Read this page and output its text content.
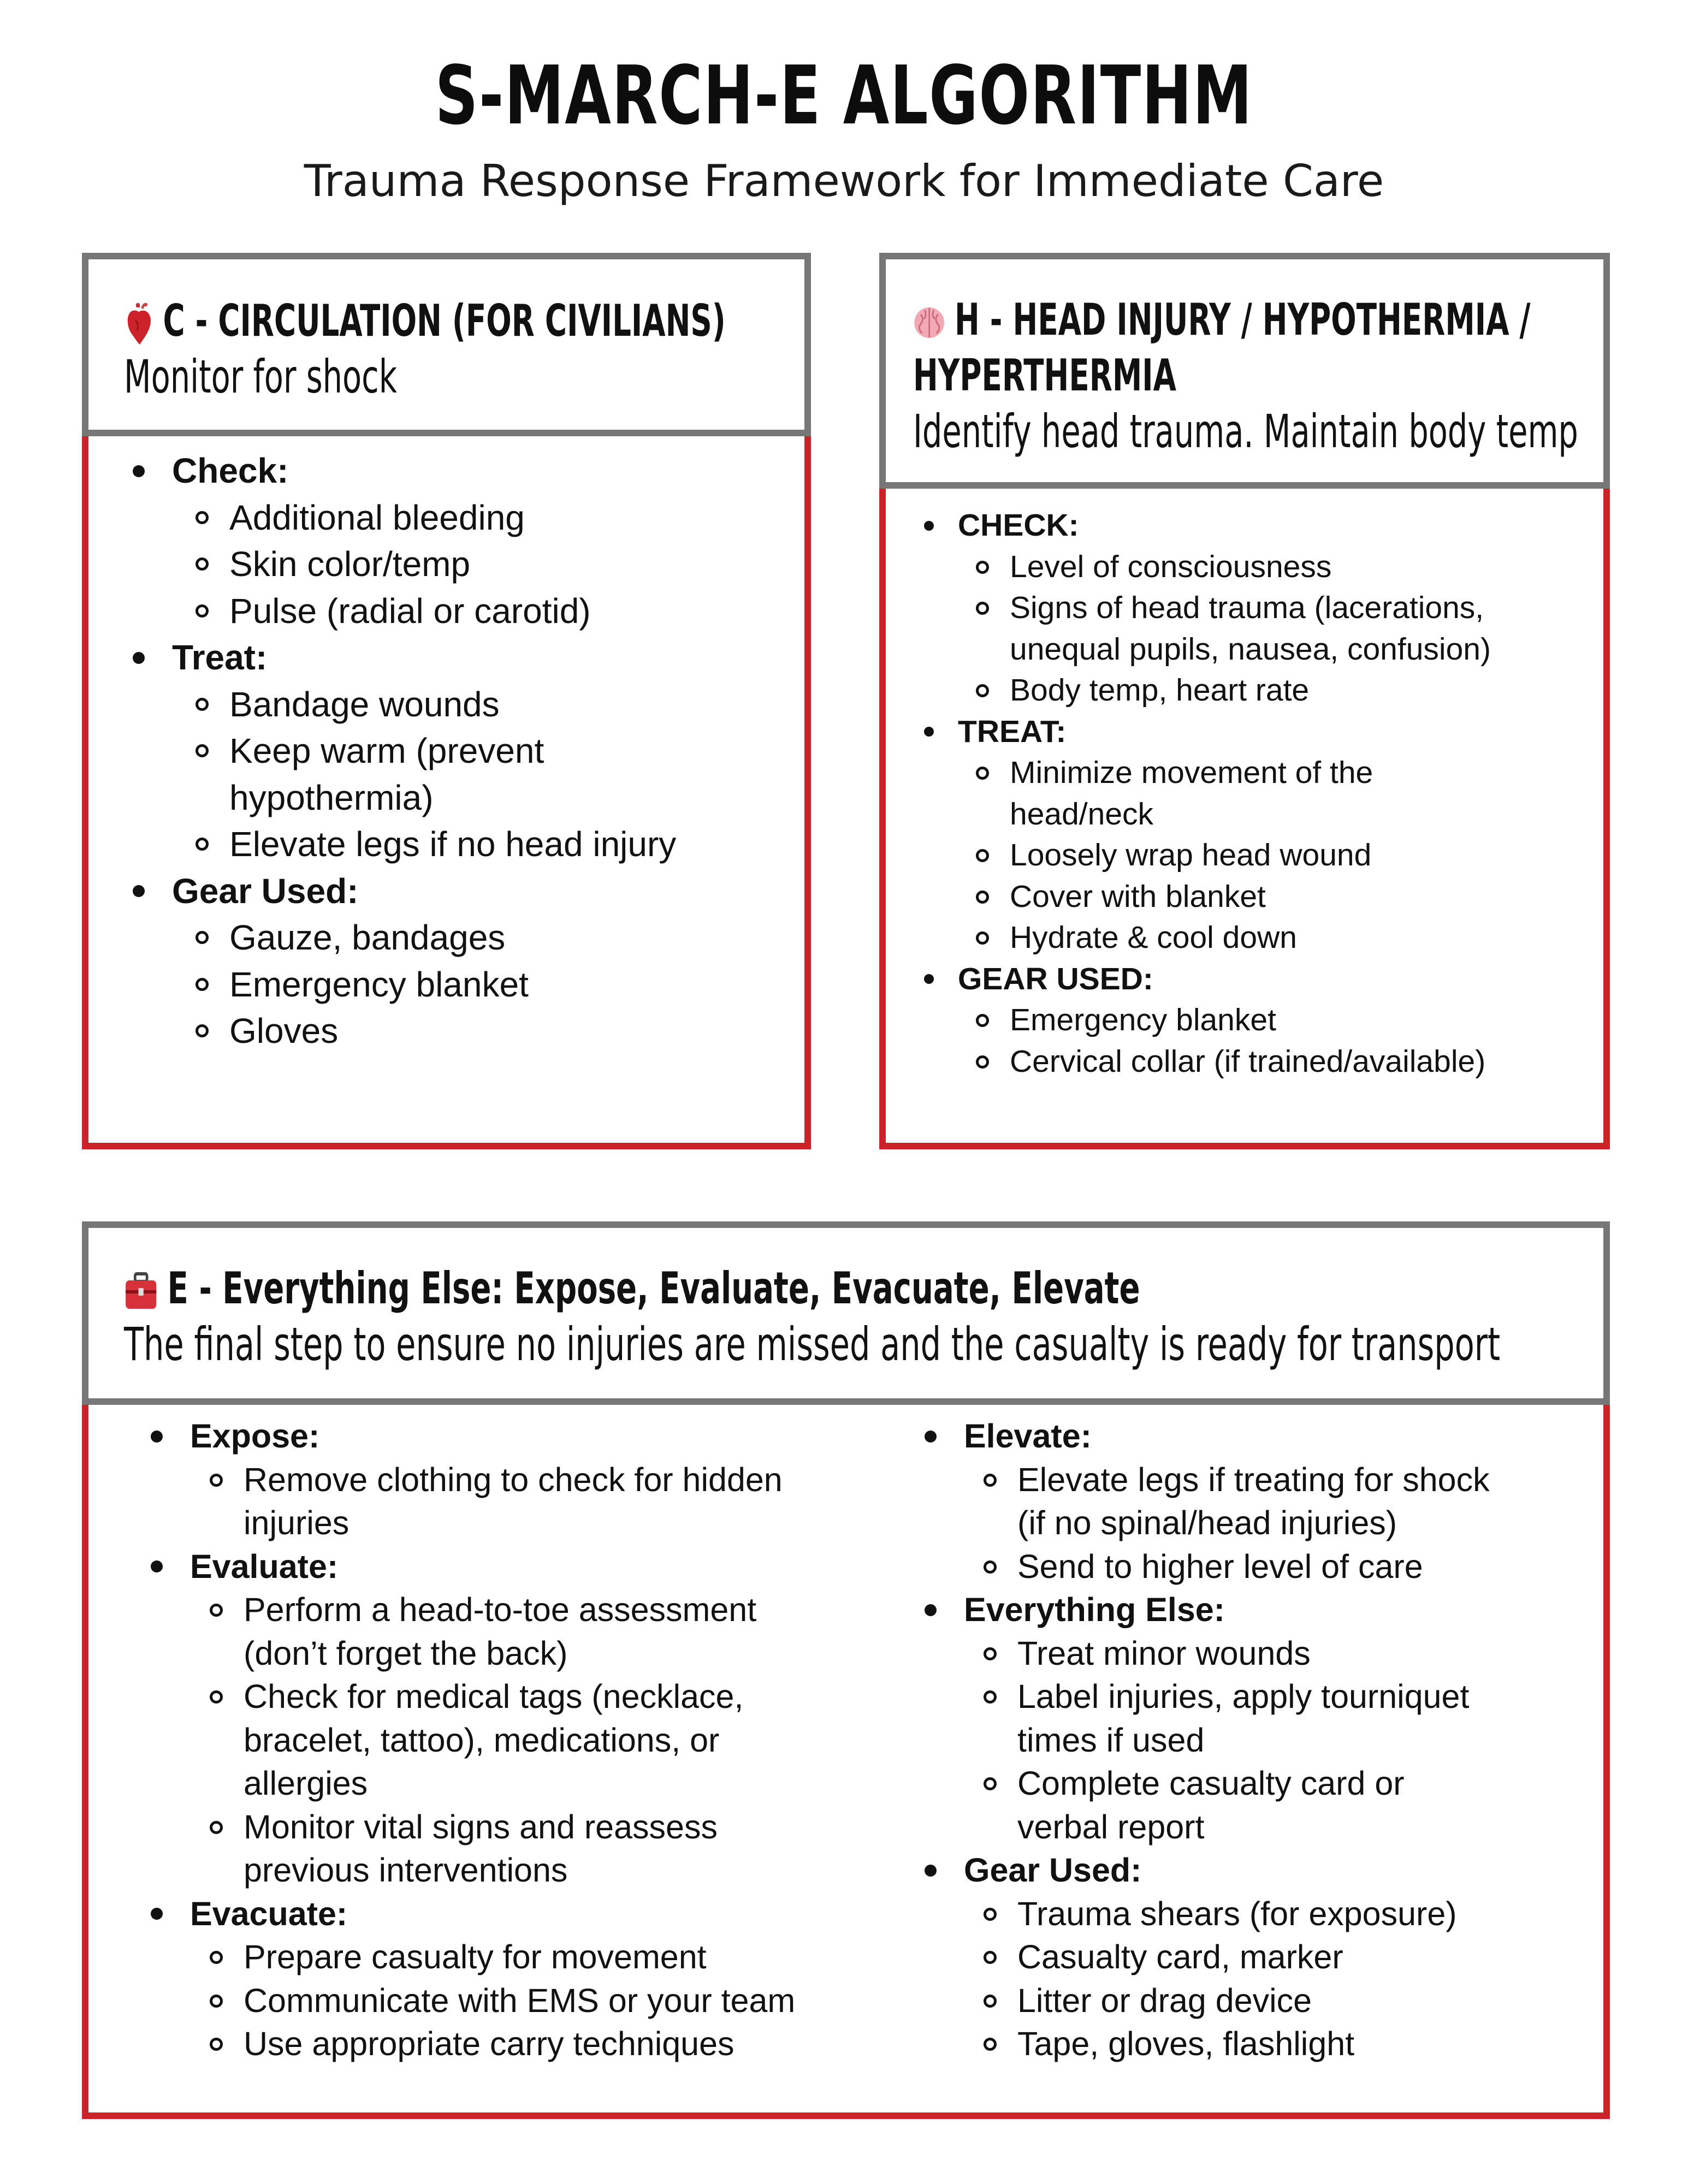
S-MARCH-E ALGORITHM
Trauma Response Framework for Immediate Care
C - CIRCULATION (FOR CIVILIANS)
Monitor for shock
Check:
Additional bleeding
Skin color/temp
Pulse (radial or carotid)
Treat:
Bandage wounds
Keep warm (prevent
hypothermia)
Elevate legs if no head injury
Gear Used:
Gauze, bandages
Emergency blanket
Gloves
H - HEAD INJURY / HYPOTHERMIA /
HYPERTHERMIA
Identify head trauma. Maintain body temp
CHECK:
Level of consciousness
Signs of head trauma (lacerations,
unequal pupils, nausea, confusion)
Body temp, heart rate
TREAT:
Minimize movement of the
head/neck
Loosely wrap head wound
Cover with blanket
Hydrate & cool down
GEAR USED:
Emergency blanket
Cervical collar (if trained/available)
E - Everything Else: Expose, Evaluate, Evacuate, Elevate
The final step to ensure no injuries are missed and the casualty is ready for transport
Expose:
Remove clothing to check for hidden
injuries
Evaluate:
Perform a head-to-toe assessment
(don’t forget the back)
Check for medical tags (necklace,
bracelet, tattoo), medications, or
allergies
Monitor vital signs and reassess
previous interventions
Evacuate:
Prepare casualty for movement
Communicate with EMS or your team
Use appropriate carry techniques
Elevate:
Elevate legs if treating for shock
(if no spinal/head injuries)
Send to higher level of care
Everything Else:
Treat minor wounds
Label injuries, apply tourniquet
times if used
Complete casualty card or
verbal report
Gear Used:
Trauma shears (for exposure)
Casualty card, marker
Litter or drag device
Tape, gloves, flashlight
